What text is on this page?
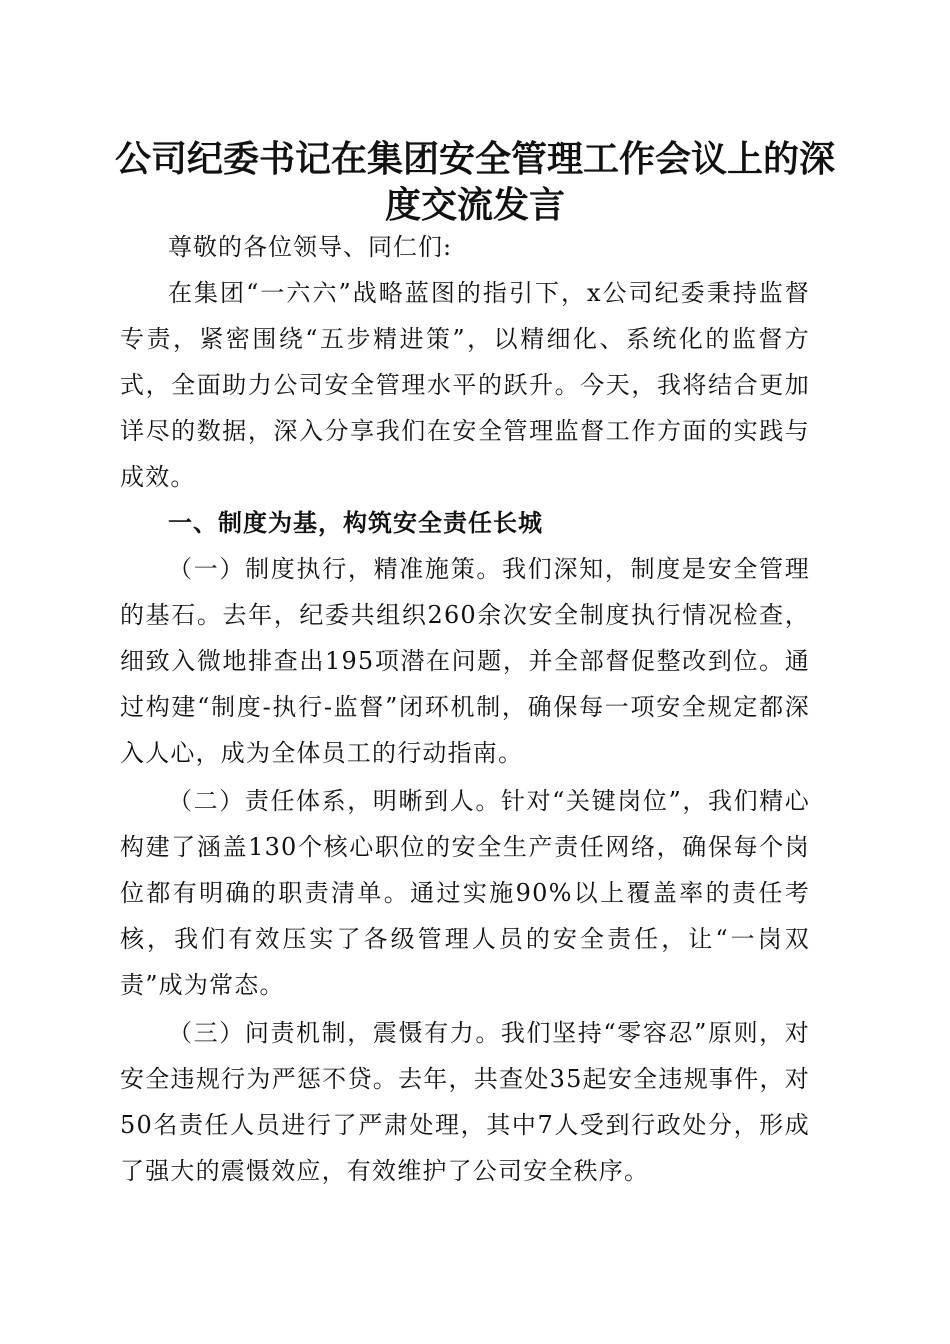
公司纪委书记在集团安全管理工作会议上的深度交流发言

尊敬的各位领导、同仁们:

在集团“一六六”战略蓝图的指引下，x公司纪委秉持监督专责，紧密围绕“五步精进策”，以精细化、系统化的监督方式，全面助力公司安全管理水平的跃升。今天，我将结合更加详尽的数据，深入分享我们在安全管理监督工作方面的实践与成效。

一、制度为基，构筑安全责任长城

（一）制度执行，精准施策。我们深知，制度是安全管理的基石。去年，纪委共组织260余次安全制度执行情况检查，细致入微地排查出195项潜在问题，并全部督促整改到位。通过构建“制度-执行-监督”闭环机制，确保每一项安全规定都深入人心，成为全体员工的行动指南。

（二）责任体系，明晰到人。针对“关键岗位”，我们精心构建了涵盖130个核心职位的安全生产责任网络，确保每个岗位都有明确的职责清单。通过实施90%以上覆盖率的责任考核，我们有效压实了各级管理人员的安全责任，让“一岗双责”成为常态。

（三）问责机制，震慑有力。我们坚持“零容忍”原则，对安全违规行为严惩不贷。去年，共查处35起安全违规事件，对50名责任人员进行了严肃处理，其中7人受到行政处分，形成了强大的震慑效应，有效维护了公司安全秩序。
